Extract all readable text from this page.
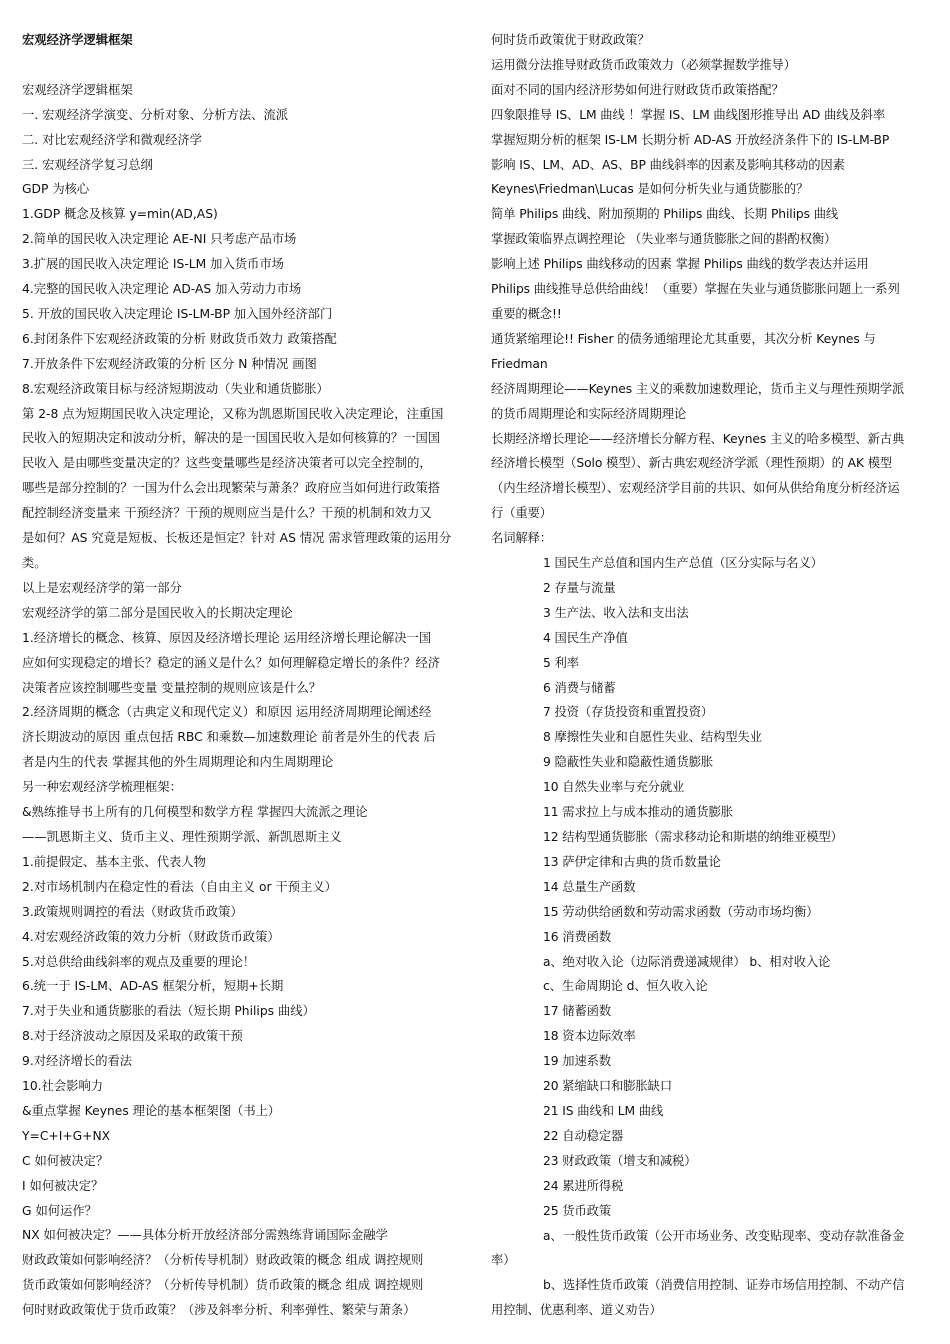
宏观经济学逻辑框架
宏观经济学逻辑框架
一. 宏观经济学演变、分析对象、分析方法、流派
二. 对比宏观经济学和微观经济学
三. 宏观经济学复习总纲
GDP 为核心
1.GDP 概念及核算 y=min(AD,AS)
2.简单的国民收入决定理论 AE-NI 只考虑产品市场
3.扩展的国民收入决定理论 IS-LM 加入货币市场
4.完整的国民收入决定理论 AD-AS 加入劳动力市场
5. 开放的国民收入决定理论 IS-LM-BP 加入国外经济部门
6.封闭条件下宏观经济政策的分析 财政货币效力 政策搭配
7.开放条件下宏观经济政策的分析 区分 N 种情况 画图
8.宏观经济政策目标与经济短期波动（失业和通货膨胀）
第 2-8 点为短期国民收入决定理论，又称为凯恩斯国民收入决定理论，注重国
民收入的短期决定和波动分析，解决的是一国国民收入是如何核算的？一国国
民收入 是由哪些变量决定的？这些变量哪些是经济决策者可以完全控制的，
哪些是部分控制的？一国为什么会出现繁荣与萧条？政府应当如何进行政策搭
配控制经济变量来 干预经济？干预的规则应当是什么？干预的机制和效力又
是如何？AS 究竟是短板、长板还是恒定？针对 AS 情况 需求管理政策的运用分
类。
以上是宏观经济学的第一部分
宏观经济学的第二部分是国民收入的长期决定理论
1.经济增长的概念、核算、原因及经济增长理论 运用经济增长理论解决一国
应如何实现稳定的增长？稳定的涵义是什么？如何理解稳定增长的条件？经济
决策者应该控制哪些变量 变量控制的规则应该是什么？
2.经济周期的概念（古典定义和现代定义）和原因 运用经济周期理论阐述经
济长期波动的原因 重点包括 RBC 和乘数—加速数理论 前者是外生的代表 后
者是内生的代表 掌握其他的外生周期理论和内生周期理论
另一种宏观经济学梳理框架：
&熟练推导书上所有的几何模型和数学方程 掌握四大流派之理论
——凯恩斯主义、货币主义、理性预期学派、新凯恩斯主义
1.前提假定、基本主张、代表人物
2.对市场机制内在稳定性的看法（自由主义 or 干预主义）
3.政策规则调控的看法（财政货币政策）
4.对宏观经济政策的效力分析（财政货币政策）
5.对总供给曲线斜率的观点及重要的理论！
6.统一于 IS-LM、AD-AS 框架分析，短期+长期
7.对于失业和通货膨胀的看法（短长期 Philips 曲线）
8.对于经济波动之原因及采取的政策干预
9.对经济增长的看法
10.社会影响力
&重点掌握 Keynes 理论的基本框架图（书上）
Y=C+I+G+NX
C 如何被决定？
I 如何被决定？
G 如何运作？
NX 如何被决定？——具体分析开放经济部分需熟练背诵国际金融学
财政政策如何影响经济？（分析传导机制）财政政策的概念 组成 调控规则
货币政策如何影响经济？（分析传导机制）货币政策的概念 组成 调控规则
何时财政政策优于货币政策？（涉及斜率分析、利率弹性、繁荣与萧条）
何时货币政策优于财政政策？
运用微分法推导财政货币政策效力（必须掌握数学推导）
面对不同的国内经济形势如何进行财政货币政策搭配？
四象限推导 IS、LM 曲线 ！掌握 IS、LM 曲线图形推导出 AD 曲线及斜率
掌握短期分析的框架 IS-LM 长期分析 AD-AS 开放经济条件下的 IS-LM-BP
影响 IS、LM、AD、AS、BP 曲线斜率的因素及影响其移动的因素
Keynes\Friedman\Lucas 是如何分析失业与通货膨胀的？
简单 Philips 曲线、附加预期的 Philips 曲线、长期 Philips 曲线
掌握政策临界点调控理论 （失业率与通货膨胀之间的斟酌权衡）
影响上述 Philips 曲线移动的因素 掌握 Philips 曲线的数学表达并运用
Philips 曲线推导总供给曲线！（重要）掌握在失业与通货膨胀问题上一系列
重要的概念!!
通货紧缩理论!! Fisher 的债务通缩理论尤其重要，其次分析 Keynes 与
Friedman
经济周期理论——Keynes 主义的乘数加速数理论，货币主义与理性预期学派
的货币周期理论和实际经济周期理论
长期经济增长理论——经济增长分解方程、Keynes 主义的哈多模型、新古典
经济增长模型（Solo 模型）、新古典宏观经济学派（理性预期）的 AK 模型
（内生经济增长模型）、宏观经济学目前的共识、如何从供给角度分析经济运
行（重要）
名词解释：
1 国民生产总值和国内生产总值（区分实际与名义）
2 存量与流量
3 生产法、收入法和支出法
4 国民生产净值
5 利率
6 消费与储蓄
7 投资（存货投资和重置投资）
8 摩擦性失业和自愿性失业、结构型失业
9 隐蔽性失业和隐蔽性通货膨胀
10 自然失业率与充分就业
11 需求拉上与成本推动的通货膨胀
12 结构型通货膨胀（需求移动论和斯堪的纳维亚模型）
13 萨伊定律和古典的货币数量论
14 总量生产函数
15 劳动供给函数和劳动需求函数（劳动市场均衡）
16 消费函数
a、绝对收入论（边际消费递减规律） b、相对收入论
c、生命周期论 d、恒久收入论
17 储蓄函数
18 资本边际效率
19 加速系数
20 紧缩缺口和膨胀缺口
21 IS 曲线和 LM 曲线
22 自动稳定器
23 财政政策（增支和减税）
24 累进所得税
25 货币政策
a、一般性货币政策（公开市场业务、改变贴现率、变动存款准备金
率）
b、选择性货币政策（消费信用控制、证券市场信用控制、不动产信
用控制、优惠利率、道义劝告）
